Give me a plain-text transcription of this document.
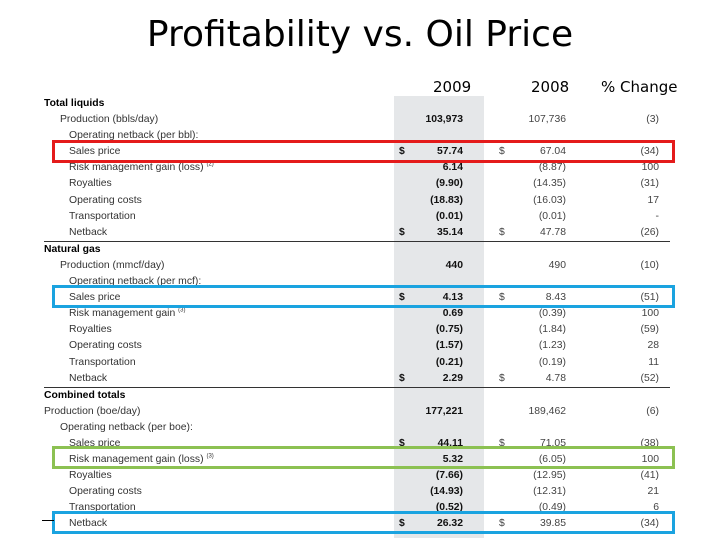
Profitability vs. Oil Price
2009	2008 % Change
Total liquids
Production (bbls/day)	103,973	107,736	(3)
Operating netback (per bbl):
Sales price	$	57.74	$	67.04	(34)
Risk management gain (loss) $^{(2)}$	6.14	(8.87)	100
Royalties	(9.90)	(14.35)	(31)
Operating costs	(18.83)	(16.03)	17
Transportation	(0.01)	(0.01)	-
Netback	$	35.14	$	47.78	(26)
Natural gas
Production (mmcf/day)	440	490	(10)
Operating netback (per mcf):
Sales price	$	4.13	$	8.43	(51)
Risk management gain $^{(3)}$	0.69	(0.39)	100
Royalties	(0.75)	(1.84)	(59)
Operating costs	(1.57)	(1.23)	28
Transportation	(0.21)	(0.19)	11
Netback	$	2.29	$	4.78	(52)
Combined totals
Production (boe/day)	177,221	189,462	(6)
Operating netback (per boe):
Sales price	$	44.11	$	71.05	(38)
Risk management gain (loss) $^{(3)}$	5.32	(6.05)	100
Royalties	(7.66)	(12.95)	(41)
Operating costs	(14.93)	(12.31)	21
Transportation	(0.52)	(0.49)	6
Netback	$	26.32	$	39.85	(34)
